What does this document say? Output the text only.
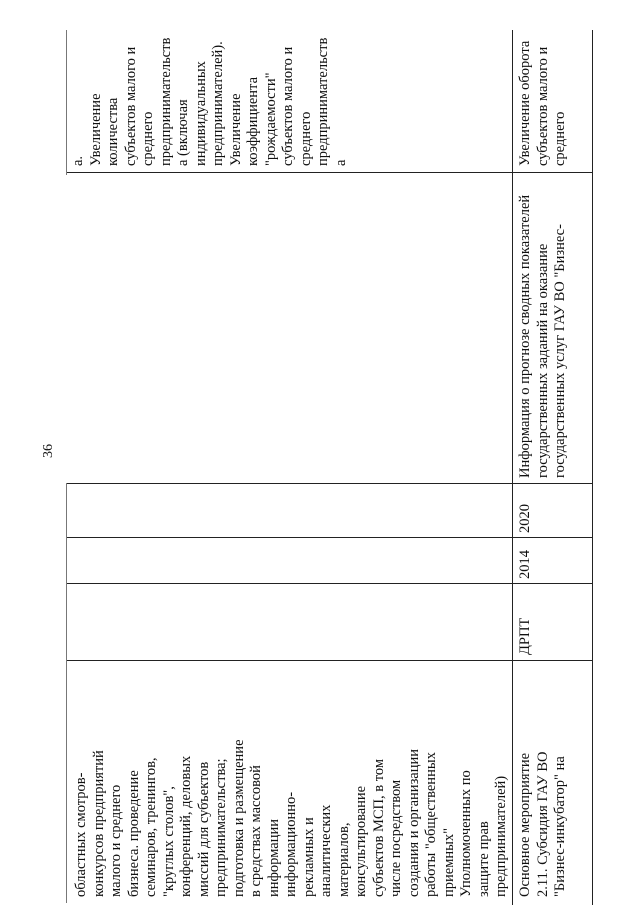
36
областных смотров-
конкурсов предприятий
малого и среднего
бизнеса. проведение
семинаров, тренингов,
"круглых столов",
конференций, деловых
миссий для субъектов
предпринимательства;
подготовка и размещение
в средствах массовой
информации
информационно-
рекламных и
аналитических
материалов,
консультирование
субъектов МСП, в том
числе посредством
создания и организации
работы "общественных
приемных"
Уполномоченных по
защите прав
предпринимателей)
а.
Увеличение
количества
субъектов малого и
среднего
предпринимательств
а (включая
индивидуальных
предпринимателей).
Увеличение
коэффициента
"рождаемости"
субъектов малого и
среднего
предпринимательств
а
Основное мероприятие
2.11. Субсидия ГАУ ВО
"Бизнес-инкубатор" на
ДРПТ
2014
2020
Информация о прогнозе сводных показателей
государственных заданий на оказание
государственных услуг ГАУ ВО "Бизнес-
Увеличение оборота
субъектов малого и
среднего
